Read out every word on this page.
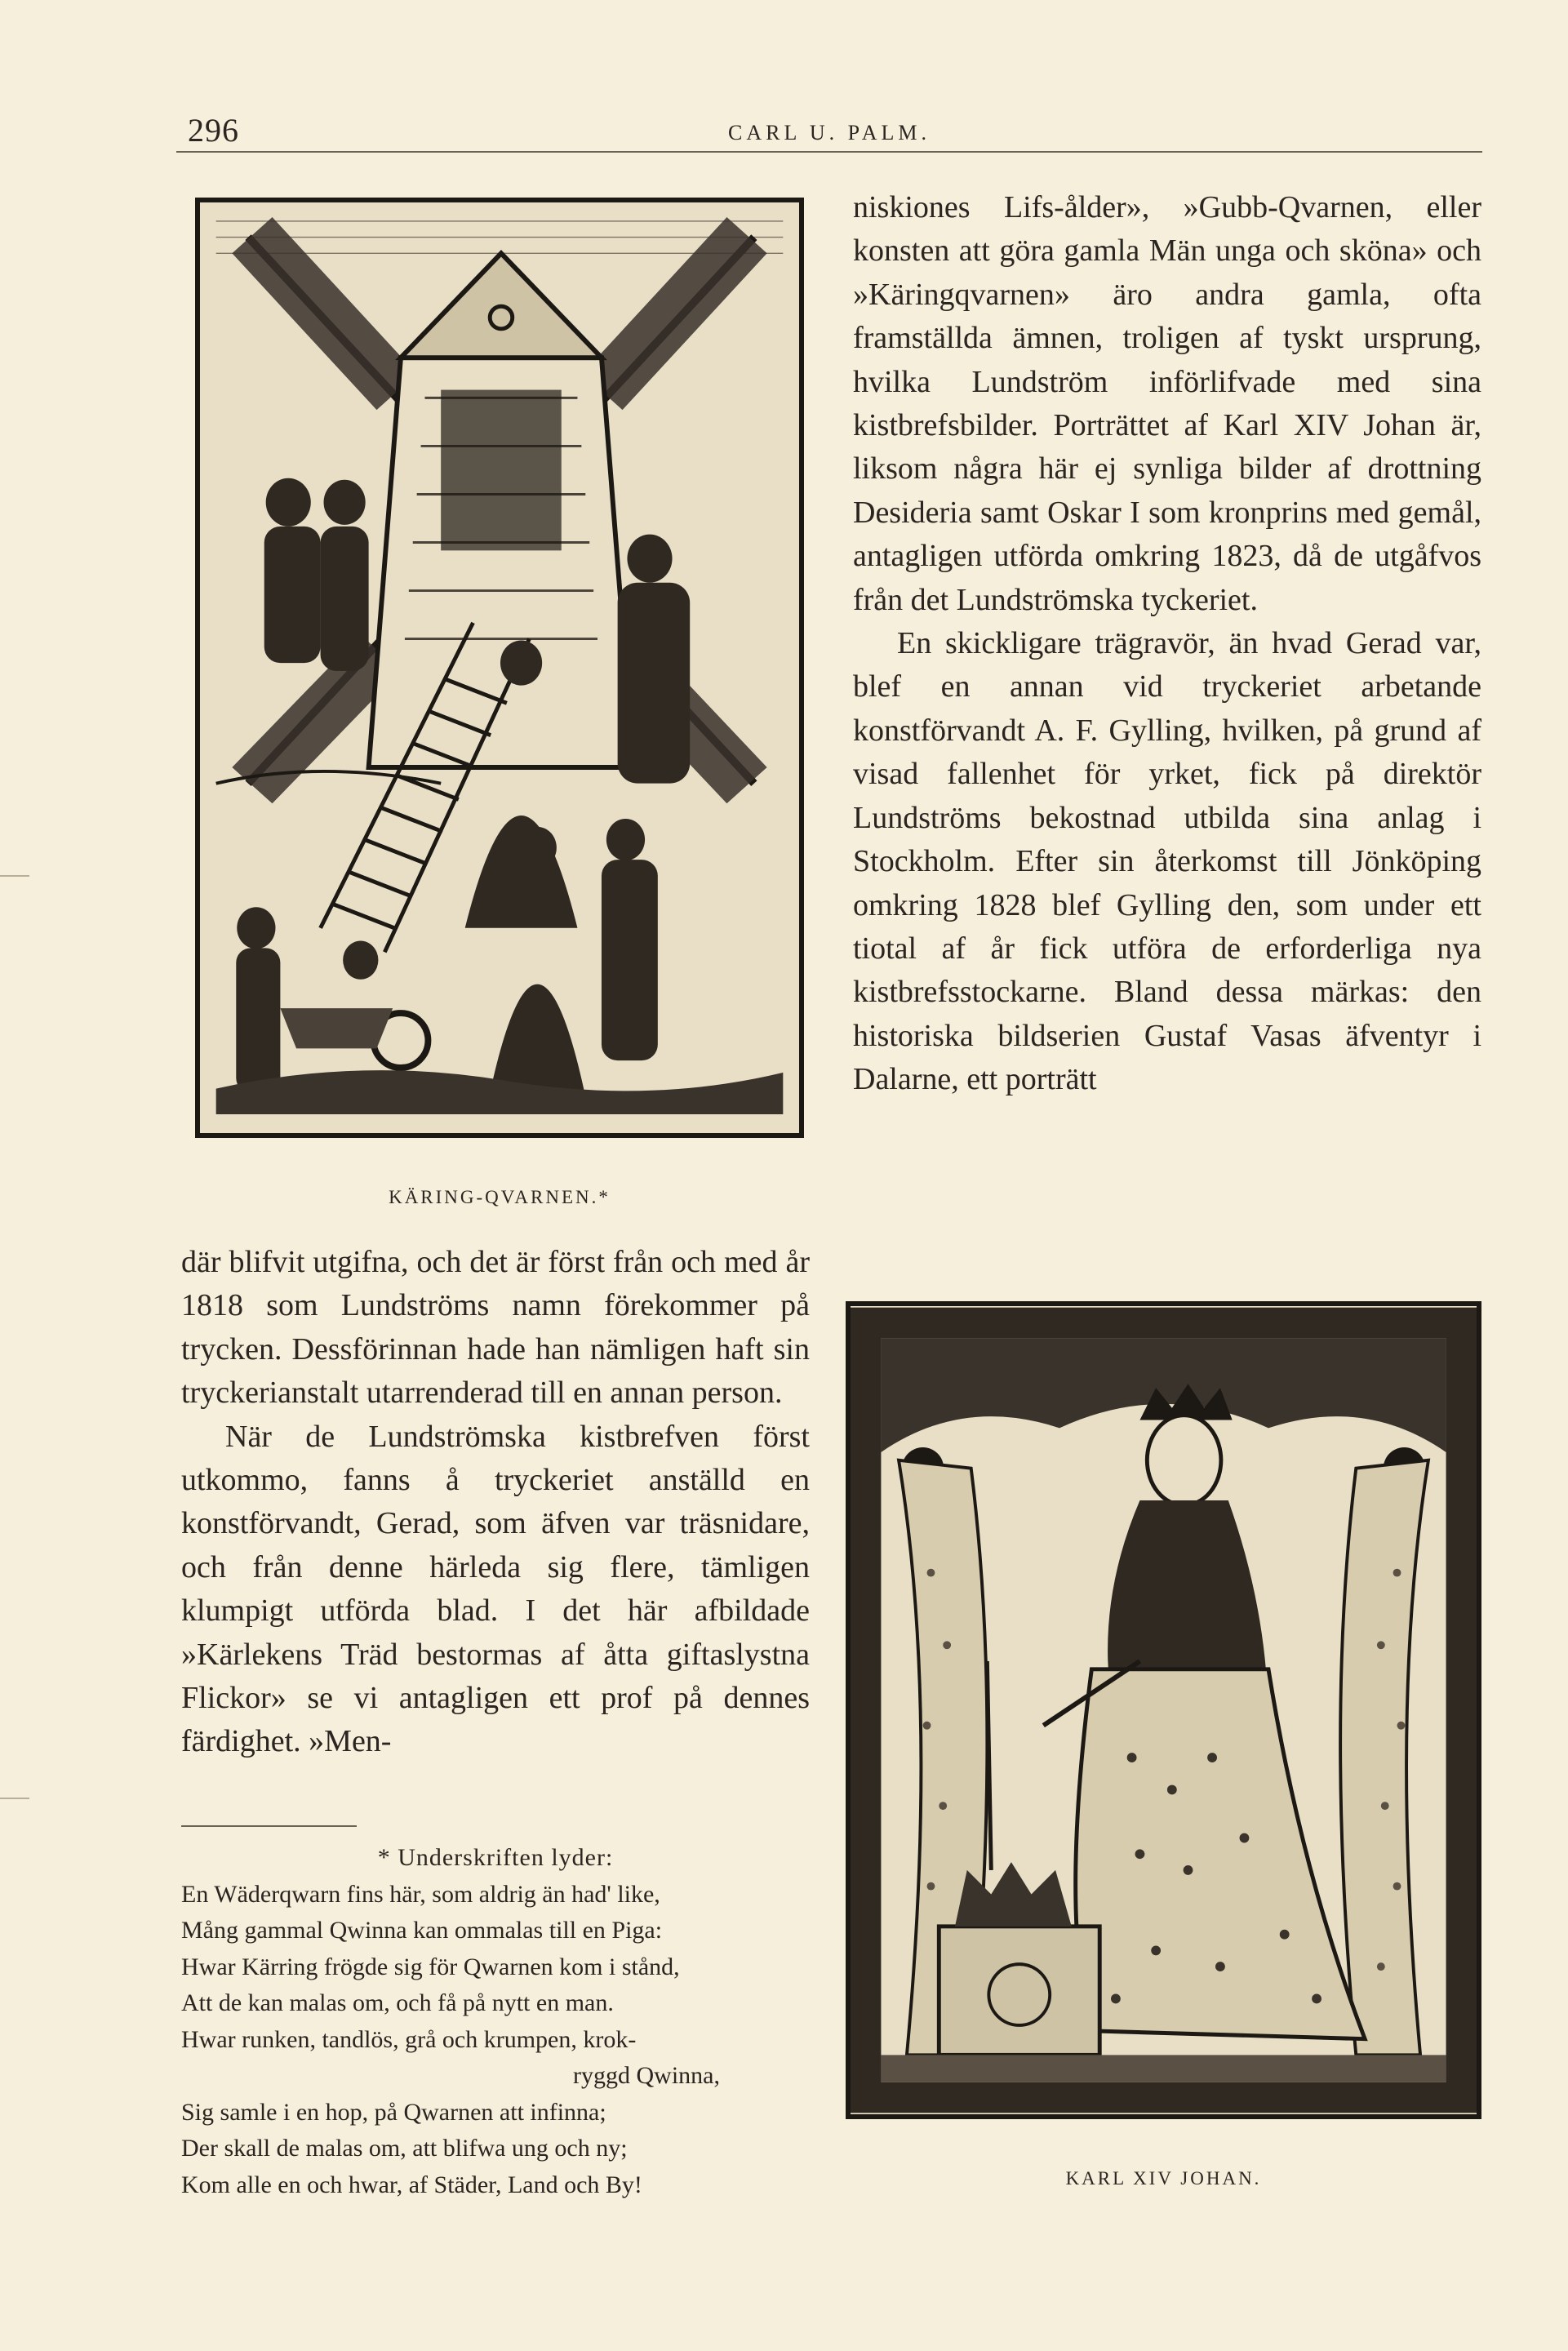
296	CARL U. PALM.
KÄRING-QVARNEN.*

där blifvit utgifna, och det är först från och med år 1818 som Lundströms namn förekommer på trycken. Dessförinnan hade han nämligen haft sin tryckerianstalt utarrenderad till en annan person.

När de Lundströmska kistbrefven först utkommo, fanns å tryckeriet anställd en konstförvandt, Gerad, som äfven var träsnidare, och från denne härleda sig flere, tämligen klumpigt utförda blad. I det här afbildade »Kärlekens Träd bestormas af åtta giftaslystna Flickor» se vi antagligen ett prof på dennes färdighet. »Men-

* Underskriften lyder:
En Wäderqwarn fins här, som aldrig än had' like,
Mång gammal Qwinna kan ommalas till en Piga:
Hwar Kärring frögde sig för Qwarnen kom i stånd,
Att de kan malas om, och få på nytt en man.
Hwar runken, tandlös, grå och krumpen, krok-
ryggd Qwinna,
Sig samle i en hop, på Qwarnen att infinna;
Der skall de malas om, att blifwa ung och ny;
Kom alle en och hwar, af Städer, Land och By!

niskiones Lifs-ålder», »Gubb-Qvarnen, eller konsten att göra gamla Män unga och sköna» och »Käringqvarnen» äro andra gamla, ofta framställda ämnen, troligen af tyskt ursprung, hvilka Lundström införlifvade med sina kistbrefsbilder. Porträttet af Karl XIV Johan är, liksom några här ej synliga bilder af drottning Desideria samt Oskar I som kronprins med gemål, antagligen utförda omkring 1823, då de utgåfvos från det Lundströmska tyckeriet.

En skickligare trägravör, än hvad Gerad var, blef en annan vid tryckeriet arbetande konstförvandt A. F. Gylling, hvilken, på grund af visad fallenhet för yrket, fick på direktör Lundströms bekostnad utbilda sina anlag i Stockholm. Efter sin återkomst till Jönköping omkring 1828 blef Gylling den, som under ett tiotal af år fick utföra de erforderliga nya kistbrefsstockarne. Bland dessa märkas: den historiska bildserien Gustaf Vasas äfventyr i Dalarne, ett porträtt

KARL XIV JOHAN.
